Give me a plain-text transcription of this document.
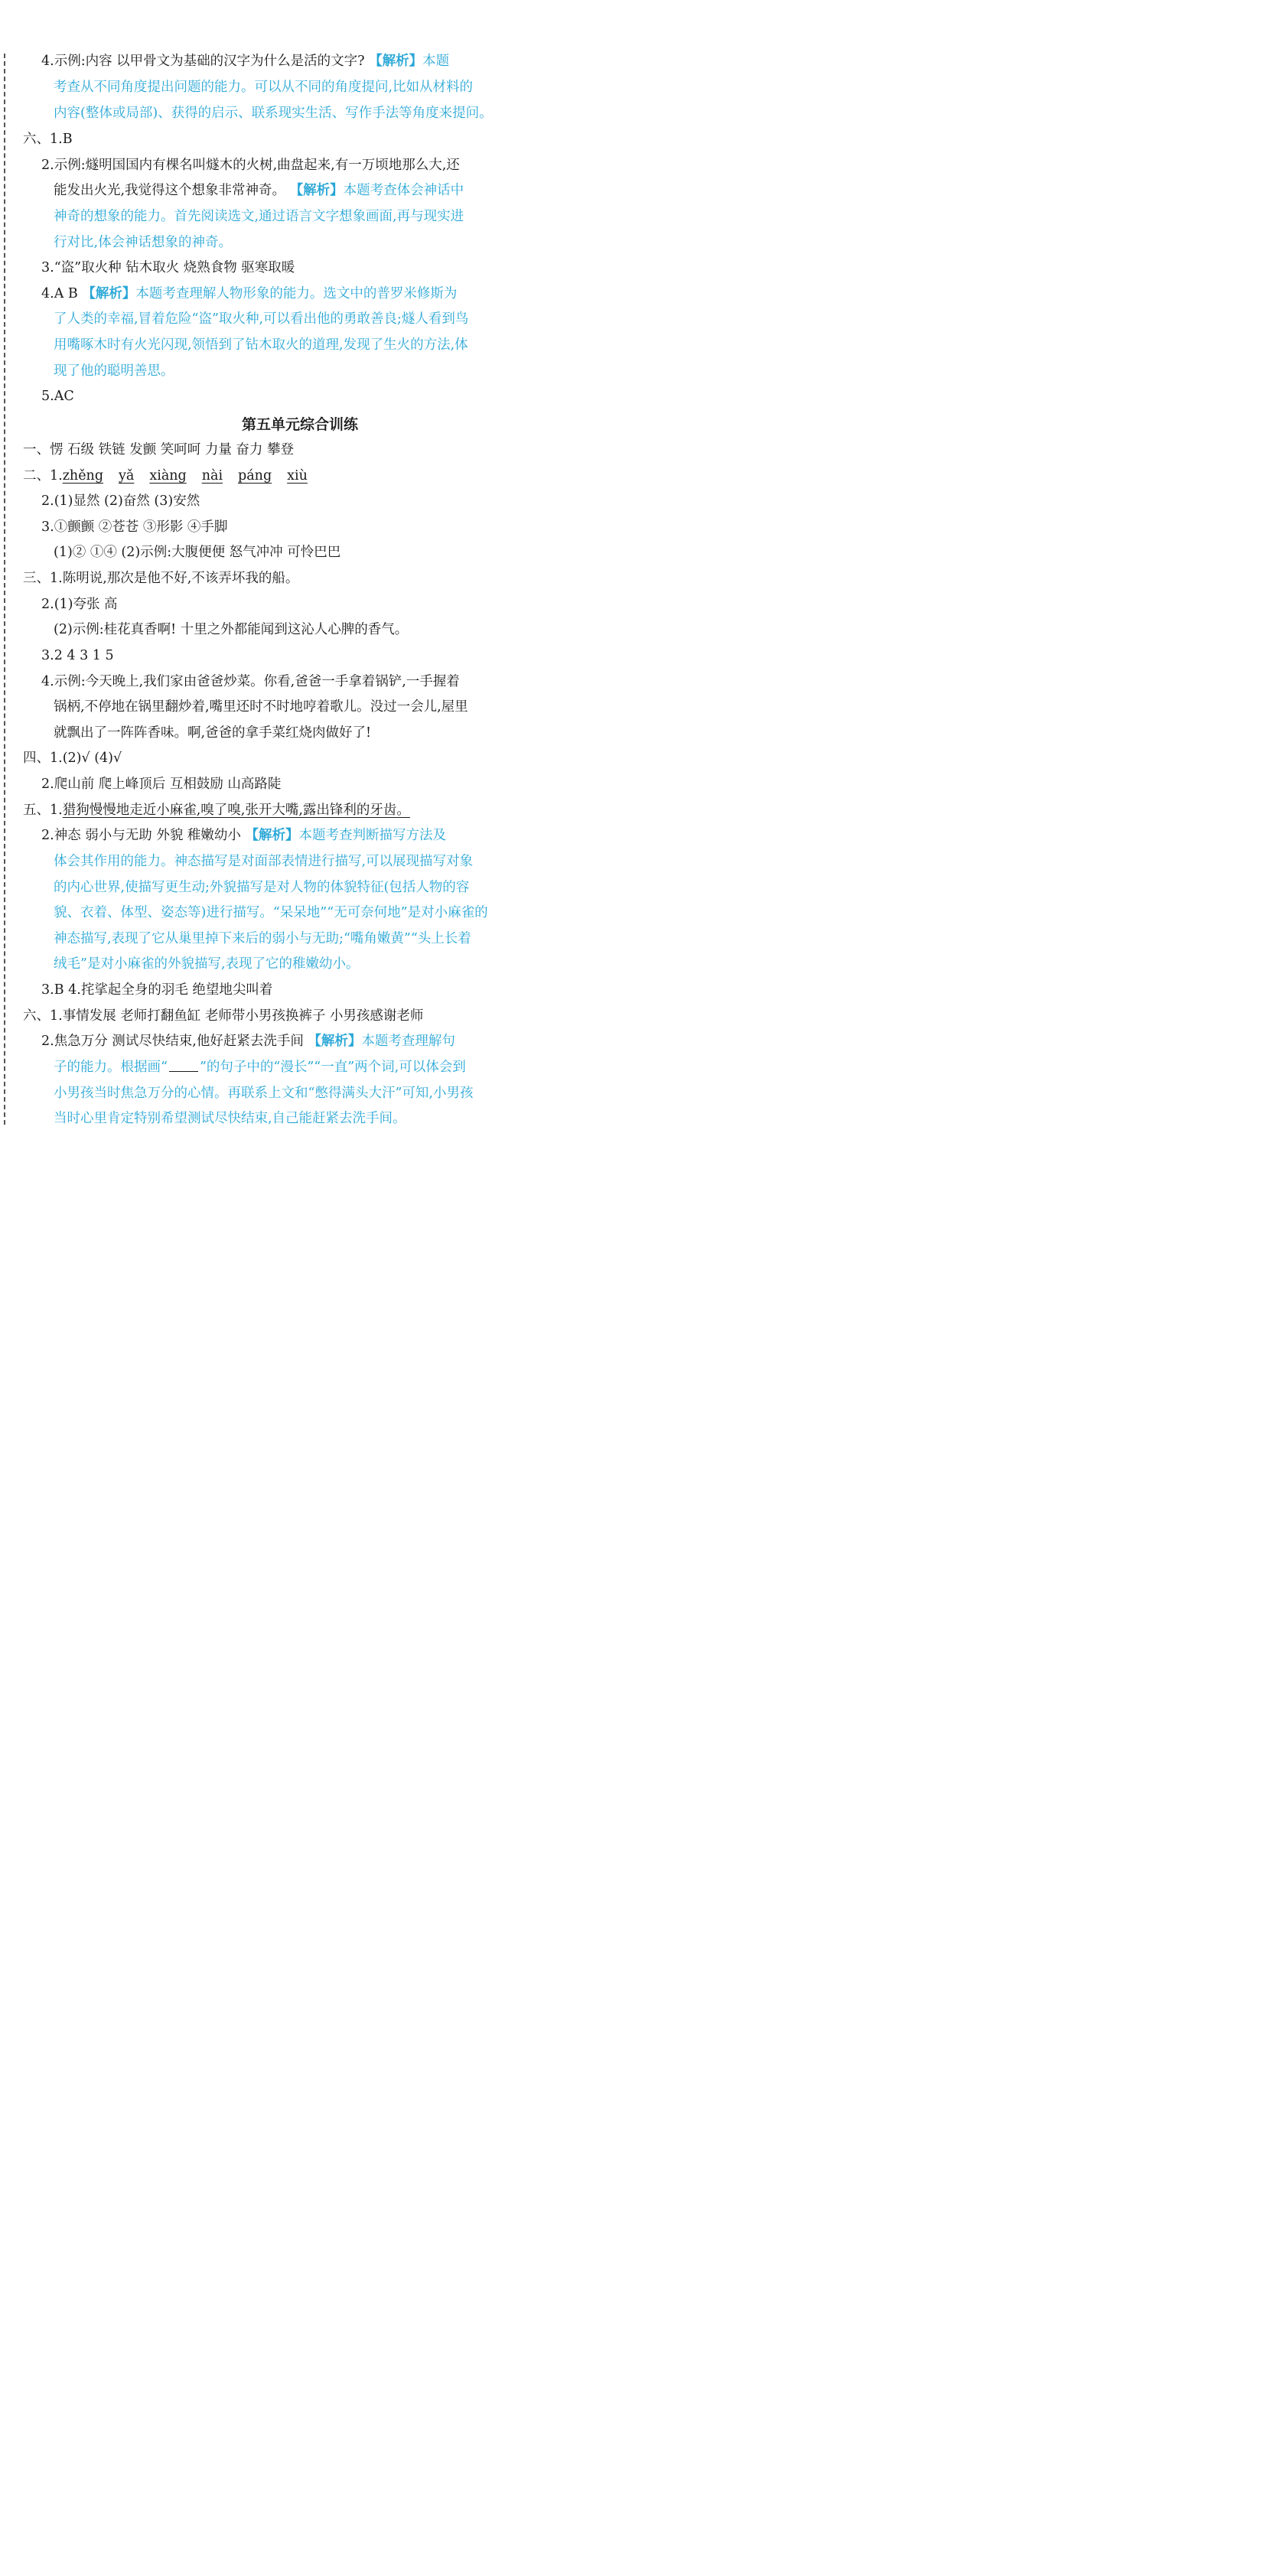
4.示例:内容 以甲骨文为基础的汉字为什么是活的文字? 【解析】本题
考查从不同角度提出问题的能力。可以从不同的角度提问,比如从材料的
内容(整体或局部)、获得的启示、联系现实生活、写作手法等角度来提问。
六、1.B
2.示例:燧明国国内有棵名叫燧木的火树,曲盘起来,有一万顷地那么大,还
能发出火光,我觉得这个想象非常神奇。 【解析】本题考查体会神话中
神奇的想象的能力。首先阅读选文,通过语言文字想象画面,再与现实进
行对比,体会神话想象的神奇。
3.“盗”取火种 钻木取火 烧熟食物 驱寒取暖
4.A B 【解析】本题考查理解人物形象的能力。选文中的普罗米修斯为
了人类的幸福,冒着危险“盗”取火种,可以看出他的勇敢善良;燧人看到鸟
用嘴啄木时有火光闪现,领悟到了钻木取火的道理,发现了生火的方法,体
现了他的聪明善思。
5.AC
第五单元综合训练
一、愣 石级 铁链 发颤 笑呵呵 力量 奋力 攀登
二、1.zhěng yǎ xiàng nài páng xiù
2.(1)显然 (2)奋然 (3)安然
3.①颤颤 ②苍苍 ③形影 ④手脚
(1)② ①④ (2)示例:大腹便便 怒气冲冲 可怜巴巴
三、1.陈明说,那次是他不好,不该弄坏我的船。
2.(1)夸张 高
(2)示例:桂花真香啊! 十里之外都能闻到这沁人心脾的香气。
3.2 4 3 1 5
4.示例:今天晚上,我们家由爸爸炒菜。你看,爸爸一手拿着锅铲,一手握着
锅柄,不停地在锅里翻炒着,嘴里还时不时地哼着歌儿。没过一会儿,屋里
就飘出了一阵阵香味。啊,爸爸的拿手菜红烧肉做好了!
四、1.(2)√ (4)√
2.爬山前 爬上峰顶后 互相鼓励 山高路陡
五、1.猎狗慢慢地走近小麻雀,嗅了嗅,张开大嘴,露出锋利的牙齿。
2.神态 弱小与无助 外貌 稚嫩幼小 【解析】本题考查判断描写方法及
体会其作用的能力。神态描写是对面部表情进行描写,可以展现描写对象
的内心世界,使描写更生动;外貌描写是对人物的体貌特征(包括人物的容
貌、衣着、体型、姿态等)进行描写。“呆呆地”“无可奈何地”是对小麻雀的
神态描写,表现了它从巢里掉下来后的弱小与无助;“嘴角嫩黄”“头上长着
绒毛”是对小麻雀的外貌描写,表现了它的稚嫩幼小。
3.B 4.挓挲起全身的羽毛 绝望地尖叫着
六、1.事情发展 老师打翻鱼缸 老师带小男孩换裤子 小男孩感谢老师
2.焦急万分 测试尽快结束,他好赶紧去洗手间 【解析】本题考查理解句
子的能力。根据画“ ”的句子中的“漫长”“一直”两个词,可以体会到
小男孩当时焦急万分的心情。再联系上文和“憋得满头大汗”可知,小男孩
当时心里肯定特别希望测试尽快结束,自己能赶紧去洗手间。
